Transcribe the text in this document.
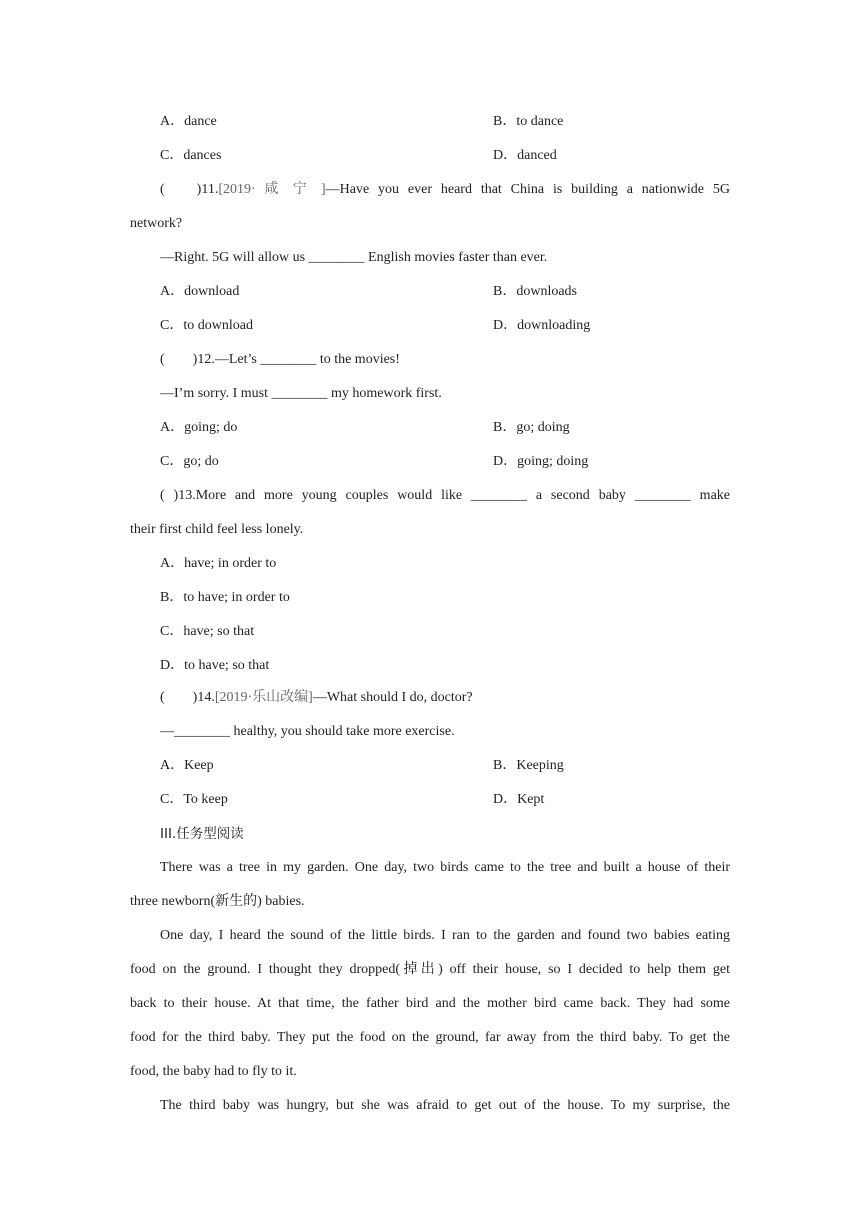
A．dance	B．to dance
C．dances	D．danced
( )11.[2019· 咸 宁 ]—Have you ever heard that China is building a nationwide 5G
network?
—Right. 5G will allow us ________ English movies faster than ever.
A．download	B．downloads
C．to download	D．downloading
(        )12.—Let’s ________ to the movies!
—I’m sorry. I must ________ my homework first.
A．going; do	B．go; doing
C．go; do	D．going; doing
( )13.More and more young couples would like ________ a second baby ________ make
their first child feel less lonely.
A．have; in order to
B．to have; in order to
C．have; so that
D．to have; so that
(        )14.[2019·乐山改编]—What should I do, doctor?
—________ healthy, you should take more exercise.
A．Keep	B．Keeping
C．To keep	D．Kept
III.任务型阅读
There was a tree in my garden. One day, two birds came to the tree and built a house of their
three newborn(新生的) babies.
One day, I heard the sound of the little birds. I ran to the garden and found two babies eating
food on the ground. I thought they dropped(掉出) off their house, so I decided to help them get
back to their house. At that time, the father bird and the mother bird came back. They had some
food for the third baby. They put the food on the ground, far away from the third baby. To get the
food, the baby had to fly to it.
The third baby was hungry, but she was afraid to get out of the house. To my surprise, the
